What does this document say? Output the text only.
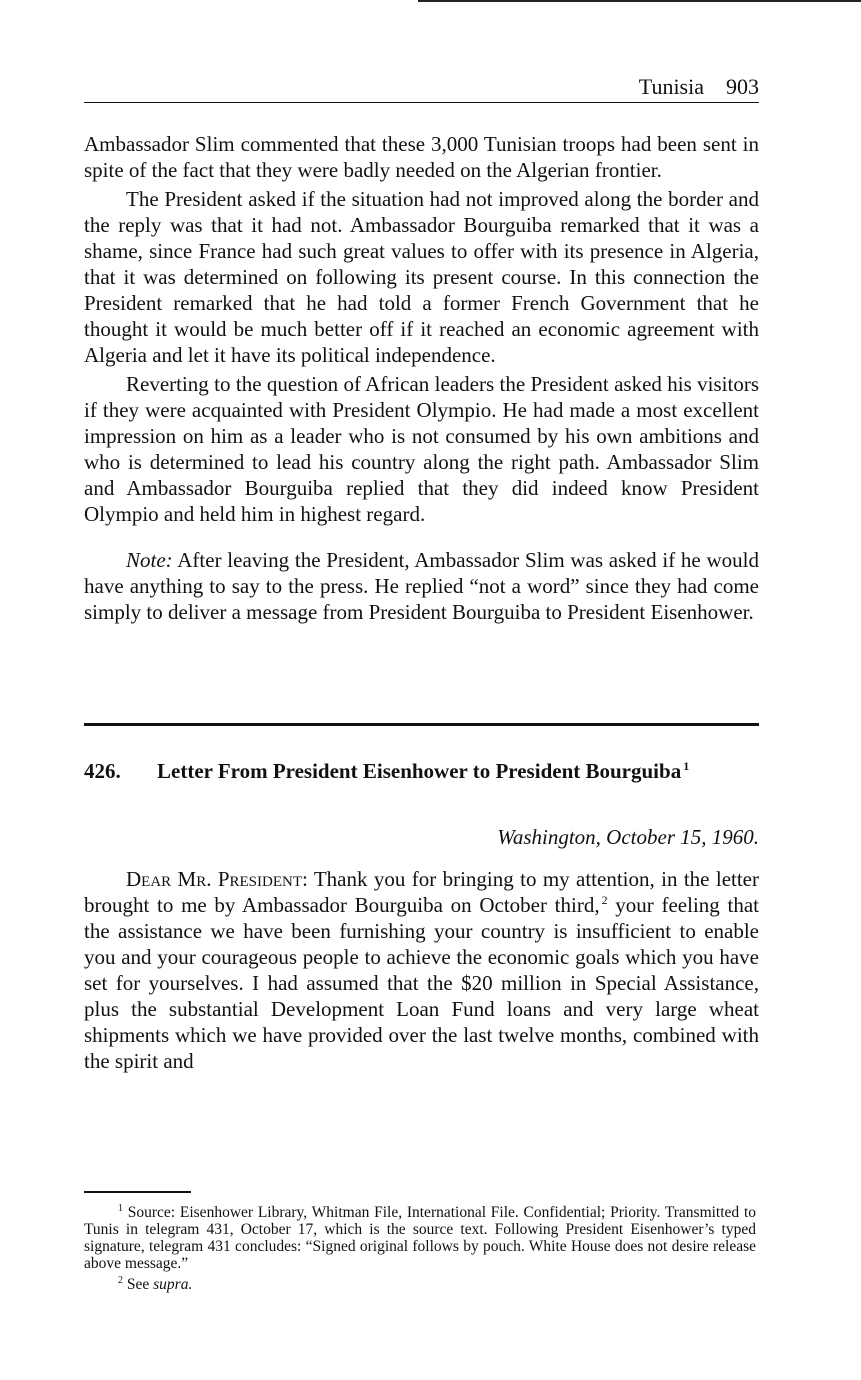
Tunisia 903

Ambassador Slim commented that these 3,000 Tunisian troops had been sent in spite of the fact that they were badly needed on the Algerian frontier.

The President asked if the situation had not improved along the border and the reply was that it had not. Ambassador Bourguiba remarked that it was a shame, since France had such great values to offer with its presence in Algeria, that it was determined on following its present course. In this connection the President remarked that he had told a former French Government that he thought it would be much better off if it reached an economic agreement with Algeria and let it have its political independence.

Reverting to the question of African leaders the President asked his visitors if they were acquainted with President Olympio. He had made a most excellent impression on him as a leader who is not consumed by his own ambitions and who is determined to lead his country along the right path. Ambassador Slim and Ambassador Bourguiba replied that they did indeed know President Olympio and held him in highest regard.

Note: After leaving the President, Ambassador Slim was asked if he would have anything to say to the press. He replied “not a word” since they had come simply to deliver a message from President Bourguiba to President Eisenhower.

426.	Letter From President Eisenhower to President Bourguiba $^1$
Washington, October 15, 1960.
Dear Mr. President: Thank you for bringing to my attention, in the letter brought to me by Ambassador Bourguiba on October third, $^2$ your feeling that the assistance we have been furnishing your country is insufficient to enable you and your courageous people to achieve the economic goals which you have set for yourselves. I had assumed that the $20 million in Special Assistance, plus the substantial Development Loan Fund loans and very large wheat shipments which we have provided over the last twelve months, combined with the spirit and

$^1$ Source: Eisenhower Library, Whitman File, International File. Confidential; Priority. Transmitted to Tunis in telegram 431, October 17, which is the source text. Following President Eisenhower’s typed signature, telegram 431 concludes: “Signed original follows by pouch. White House does not desire release above message.”

$^2$ See supra.
